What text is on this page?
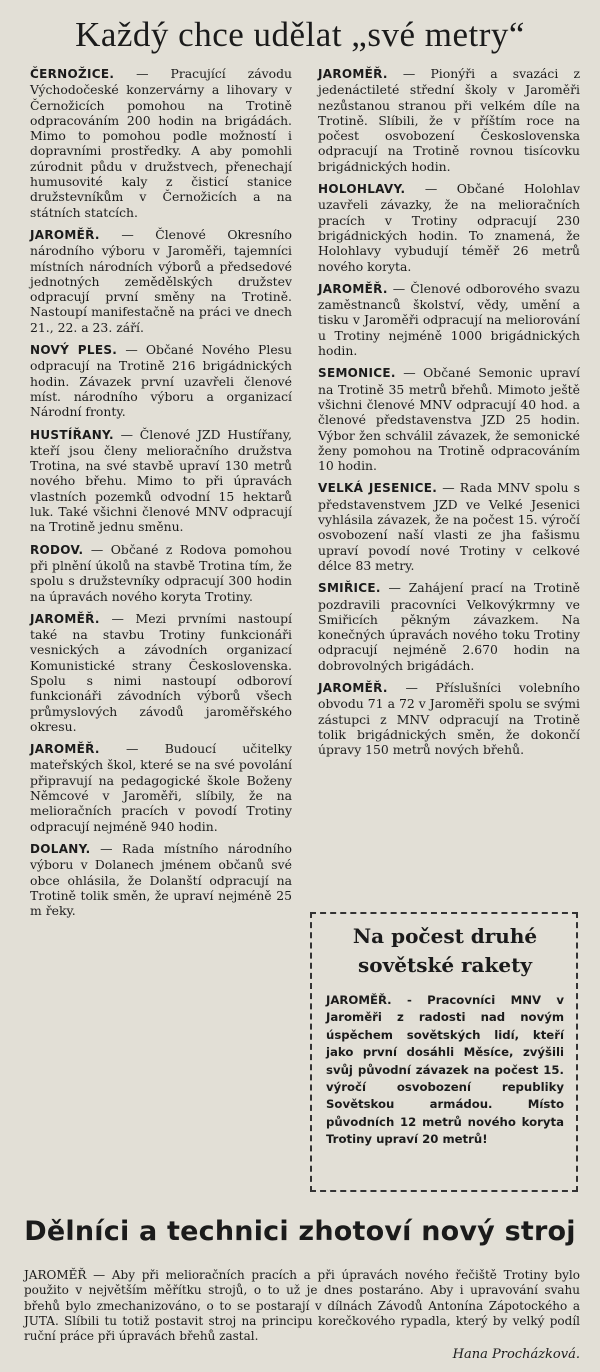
Každý chce udělat „své metry“

ČERNOŽICE. — Pracující závodu Východočeské konzervárny a lihovary v Černožicích pomohou na Trotině odpracováním 200 hodin na brigádách. Mimo to pomohou podle možností i dopravními prostředky. A aby pomohli zúrodnit půdu v družstvech, přenechají humusovité kaly z čisticí stanice družstevníkům v Černožicích a na státních statcích.

JAROMĚŘ. — Členové Okresního národního výboru v Jaroměři, tajemníci místních národních výborů a předsedové jednotných zemědělských družstev odpracují první směny na Trotině. Nastoupí manifestačně na práci ve dnech 21., 22. a 23. září.

NOVÝ PLES. — Občané Nového Plesu odpracují na Trotině 216 brigádnických hodin. Závazek první uzavřeli členové míst. národního výboru a organizací Národní fronty.

HUSTÍŘANY. — Členové JZD Hustířany, kteří jsou členy melioračního družstva Trotina, na své stavbě upraví 130 metrů nového břehu. Mimo to při úpravách vlastních pozemků odvodní 15 hektarů luk. Také všichni členové MNV odpracují na Trotině jednu směnu.

RODOV. — Občané z Rodova pomohou při plnění úkolů na stavbě Trotina tím, že spolu s družstevníky odpracují 300 hodin na úpravách nového koryta Trotiny.

JAROMĚŘ. — Mezi prvními nastoupí také na stavbu Trotiny funkcionáři vesnických a závodních organizací Komunistické strany Československa. Spolu s nimi nastoupí odboroví funkcionáři závodních výborů všech průmyslových závodů jaroměřského okresu.

JAROMĚŘ. — Budoucí učitelky mateřských škol, které se na své povolání připravují na pedagogické škole Boženy Němcové v Jaroměři, slíbily, že na melioračních pracích v povodí Trotiny odpracují nejméně 940 hodin.

DOLANY. — Rada místního národního výboru v Dolanech jménem občanů své obce ohlásila, že Dolanští odpracují na Trotině tolik směn, že upraví nejméně 25 m řeky.

JAROMĚŘ. — Pionýři a svazáci z jedenáctileté střední školy v Jaroměři nezůstanou stranou při velkém díle na Trotině. Slíbili, že v příštím roce na počest osvobození Československa odpracují na Trotině rovnou tisícovku brigádnických hodin.

HOLOHLAVY. — Občané Holohlav uzavřeli závazky, že na melioračních pracích v Trotiny odpracují 230 brigádnických hodin. To znamená, že Holohlavy vybudují téměř 26 metrů nového koryta.

JAROMĚŘ. — Členové odborového svazu zaměstnanců školství, vědy, umění a tisku v Jaroměři odpracují na meliorování u Trotiny nejméně 1000 brigádnických hodin.

SEMONICE. — Občané Semonic upraví na Trotině 35 metrů břehů. Mimoto ještě všichni členové MNV odpracují 40 hod. a členové představenstva JZD 25 hodin. Výbor žen schválil závazek, že semonické ženy pomohou na Trotině odpracováním 10 hodin.

VELKÁ JESENICE. — Rada MNV spolu s představenstvem JZD ve Velké Jesenici vyhlásila závazek, že na počest 15. výročí osvobození naší vlasti ze jha fašismu upraví povodí nové Trotiny v celkové délce 83 metry.

SMIŘICE. — Zahájení prací na Trotině pozdravili pracovníci Velkovýkrmny ve Smiřicích pěkným závazkem. Na konečných úpravách nového toku Trotiny odpracují nejméně 2.670 hodin na dobrovolných brigádách.

JAROMĚŘ. — Příslušníci volebního obvodu 71 a 72 v Jaroměři spolu se svými zástupci z MNV odpracují na Trotině tolik brigádnických směn, že dokončí úpravy 150 metrů nových břehů.

Na počest druhé sovětské rakety
JAROMĚŘ. - Pracovníci MNV v Jaroměři z radosti nad novým úspěchem sovětských lidí, kteří jako první dosáhli Měsíce, zvýšili svůj původní závazek na počest 15. výročí osvobození republiky Sovětskou armádou. Místo původních 12 metrů nového koryta Trotiny upraví 20 metrů!
Dělníci a technici zhotoví nový stroj
JAROMĚŘ — Aby při melioračních pracích a při úpravách nového řečiště Trotiny bylo použito v největším měřítku strojů, o to už je dnes postaráno. Aby i upravování svahu břehů bylo zmechanizováno, o to se postarají v dílnách Závodů Antonína Zápotockého a JUTA. Slíbili tu totiž postavit stroj na principu korečkového rypadla, který by velký podíl ruční práce při úpravách břehů zastal.
Hana Procházková.
